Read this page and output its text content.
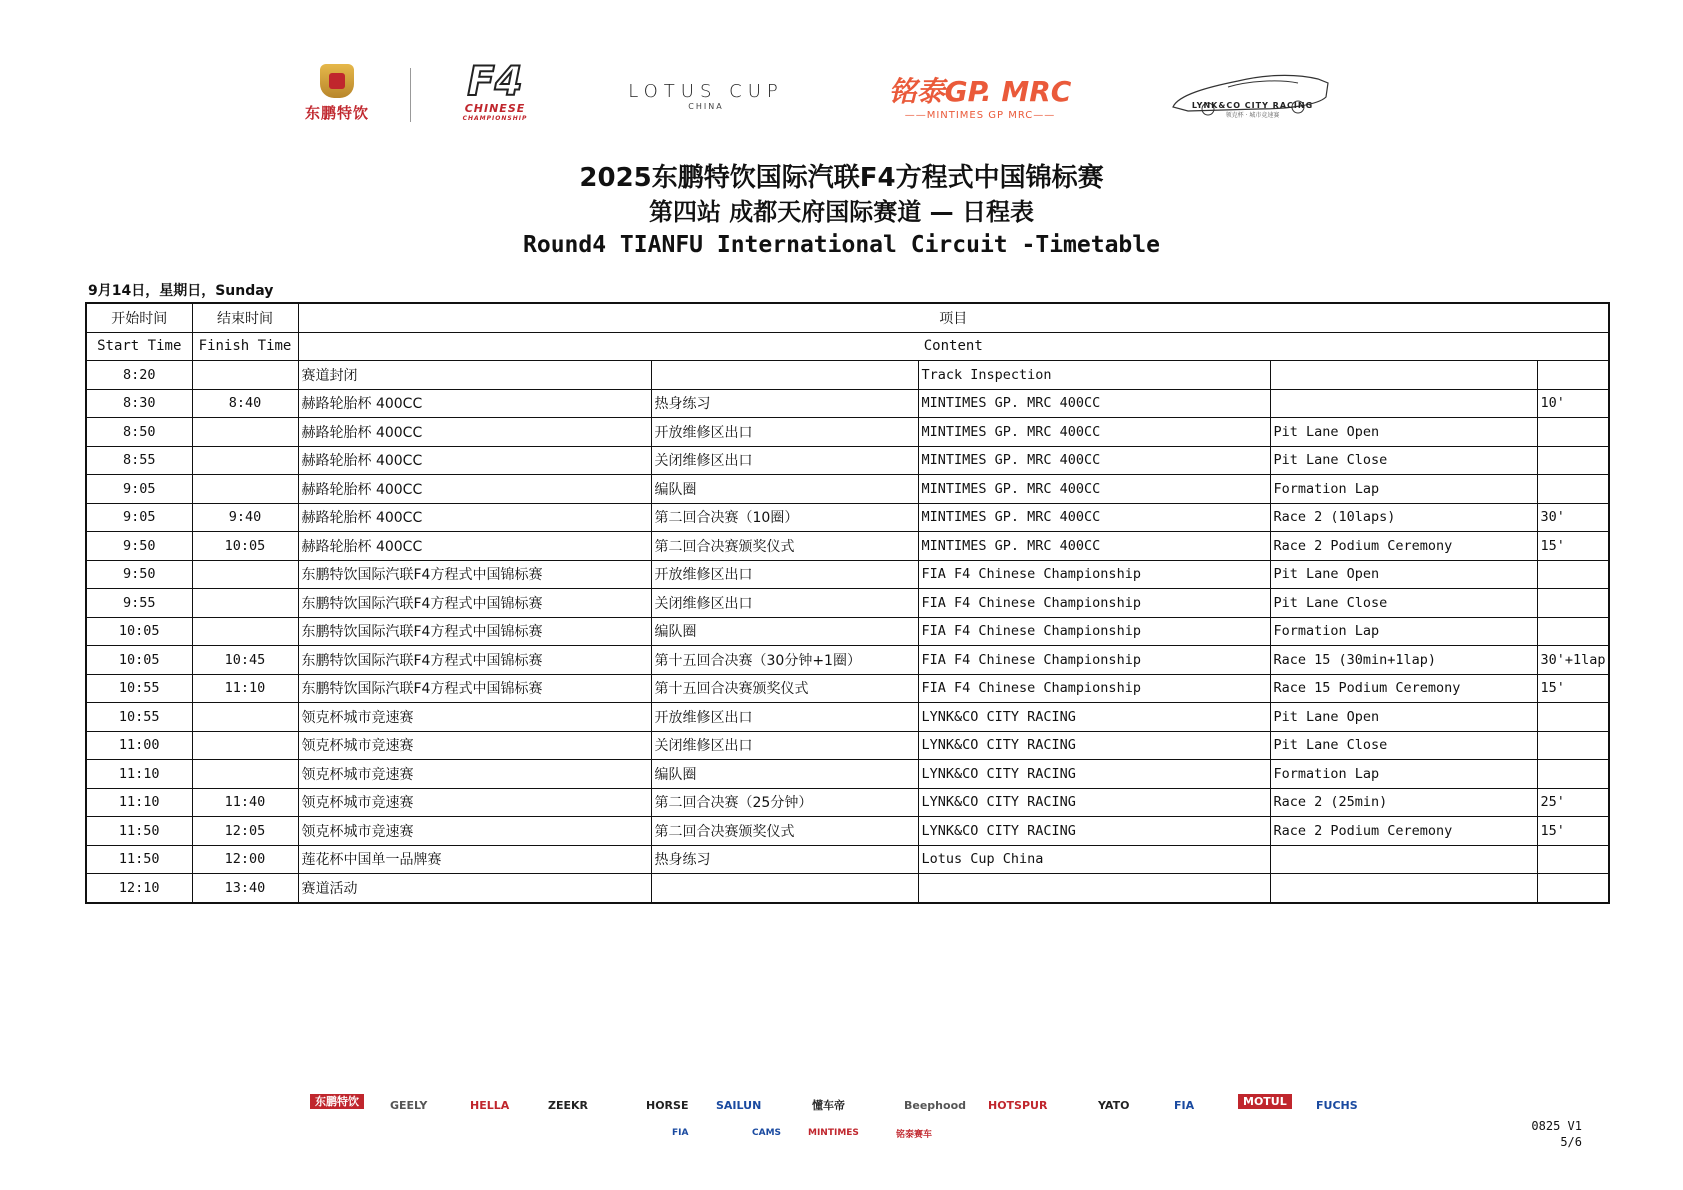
东鹏特饮
F4
CHINESE
CHAMPIONSHIP
LOTUS CUP
CHINA	铭泰GP. MRC
——MINTIMES GP MRC——
LYNK&CO CITY RACING
领克杯 · 城市竞速赛
2025东鹏特饮国际汽联F4方程式中国锦标赛
第四站 成都天府国际赛道 — 日程表
Round4 TIANFU International Circuit -Timetable
9月14日，星期日，Sunday
开始时间	结束时间	项目				
Start Time	Finish Time	Content				
8:20		赛道封闭		Track Inspection		
8:30	8:40	赫路轮胎杯 400CC	热身练习	MINTIMES GP. MRC 400CC		10'
8:50		赫路轮胎杯 400CC	开放维修区出口	MINTIMES GP. MRC 400CC	Pit Lane Open	
8:55		赫路轮胎杯 400CC	关闭维修区出口	MINTIMES GP. MRC 400CC	Pit Lane Close	
9:05		赫路轮胎杯 400CC	编队圈	MINTIMES GP. MRC 400CC	Formation Lap	
9:05	9:40	赫路轮胎杯 400CC	第二回合决赛（10圈）	MINTIMES GP. MRC 400CC	Race 2 (10laps)	30'
9:50	10:05	赫路轮胎杯 400CC	第二回合决赛颁奖仪式	MINTIMES GP. MRC 400CC	Race 2 Podium Ceremony	15'
9:50		东鹏特饮国际汽联F4方程式中国锦标赛	开放维修区出口	FIA F4 Chinese Championship	Pit Lane Open	
9:55		东鹏特饮国际汽联F4方程式中国锦标赛	关闭维修区出口	FIA F4 Chinese Championship	Pit Lane Close	
10:05		东鹏特饮国际汽联F4方程式中国锦标赛	编队圈	FIA F4 Chinese Championship	Formation Lap	
10:05	10:45	东鹏特饮国际汽联F4方程式中国锦标赛	第十五回合决赛（30分钟+1圈）	FIA F4 Chinese Championship	Race 15 (30min+1lap)	30'+1lap
10:55	11:10	东鹏特饮国际汽联F4方程式中国锦标赛	第十五回合决赛颁奖仪式	FIA F4 Chinese Championship	Race 15 Podium Ceremony	15'
10:55		领克杯城市竞速赛	开放维修区出口	LYNK&CO CITY RACING	Pit Lane Open	
11:00		领克杯城市竞速赛	关闭维修区出口	LYNK&CO CITY RACING	Pit Lane Close	
11:10		领克杯城市竞速赛	编队圈	LYNK&CO CITY RACING	Formation Lap	
11:10	11:40	领克杯城市竞速赛	第二回合决赛（25分钟）	LYNK&CO CITY RACING	Race 2 (25min)	25'
11:50	12:05	领克杯城市竞速赛	第二回合决赛颁奖仪式	LYNK&CO CITY RACING	Race 2 Podium Ceremony	15'
11:50	12:00	莲花杯中国单一品牌赛	热身练习	Lotus Cup China		
12:10	13:40	赛道活动				
东鹏特饮	GEELY	HELLA	ZEEKR	HORSE	SAILUN	懂车帝	Beephood HOTSPUR	YATO	FIA	MOTUL	FUCHS
FIA	CAMS	MINTIMES	铭泰赛车
0825 V1
5/6
